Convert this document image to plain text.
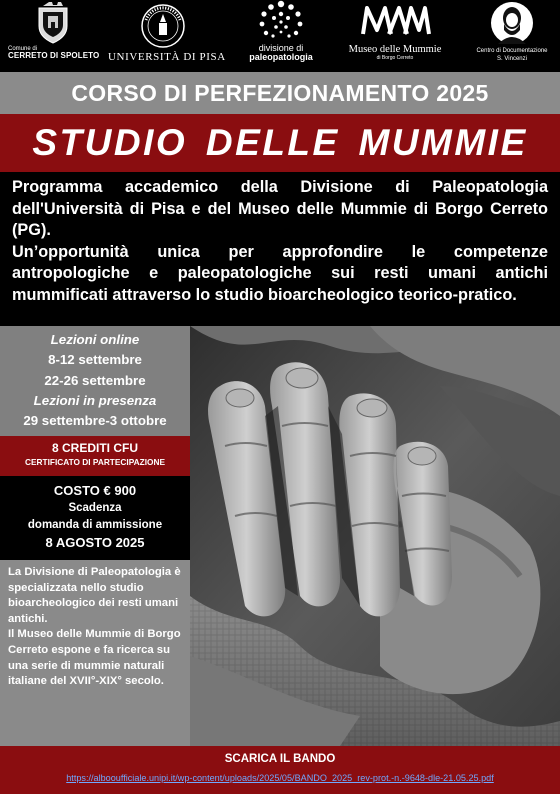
Comune di
CERRETO DI SPOLETO UNIVERSITÀ DI PISA
divisione di
paleopatologia
Museo delle Mummie
di Borgo Cerreto
Centro di Documentazione
S. Vincenzi
CORSO DI PERFEZIONAMENTO 2025
STUDIO DELLE MUMMIE

Programma accademico della Divisione di Paleopatologia dell'Università di Pisa e del Museo delle Mummie di Borgo Cerreto (PG).

Un’opportunità unica per approfondire le competenze antropologiche e paleopatologiche sui resti umani antichi mummificati attraverso lo studio bioarcheologico teorico-pratico.

Lezioni online
8-12 settembre
22-26 settembre
Lezioni in presenza
29 settembre-3 ottobre
8 CREDITI CFU
CERTIFICATO DI PARTECIPAZIONE
COSTO € 900
Scadenza
domanda di ammissione
8 AGOSTO 2025

La Divisione di Paleopatologia è specializzata nello studio bioarcheologico dei resti umani antichi.

Il Museo delle Mummie di Borgo Cerreto espone e fa ricerca su una serie di mummie naturali italiane del XVII°-XIX° secolo.

SCARICA IL BANDO
https://albooufficiale.unipi.it/wp-content/uploads/2025/05/BANDO_2025_rev-prot.-n.-9648-dle-21.05.25.pdf
